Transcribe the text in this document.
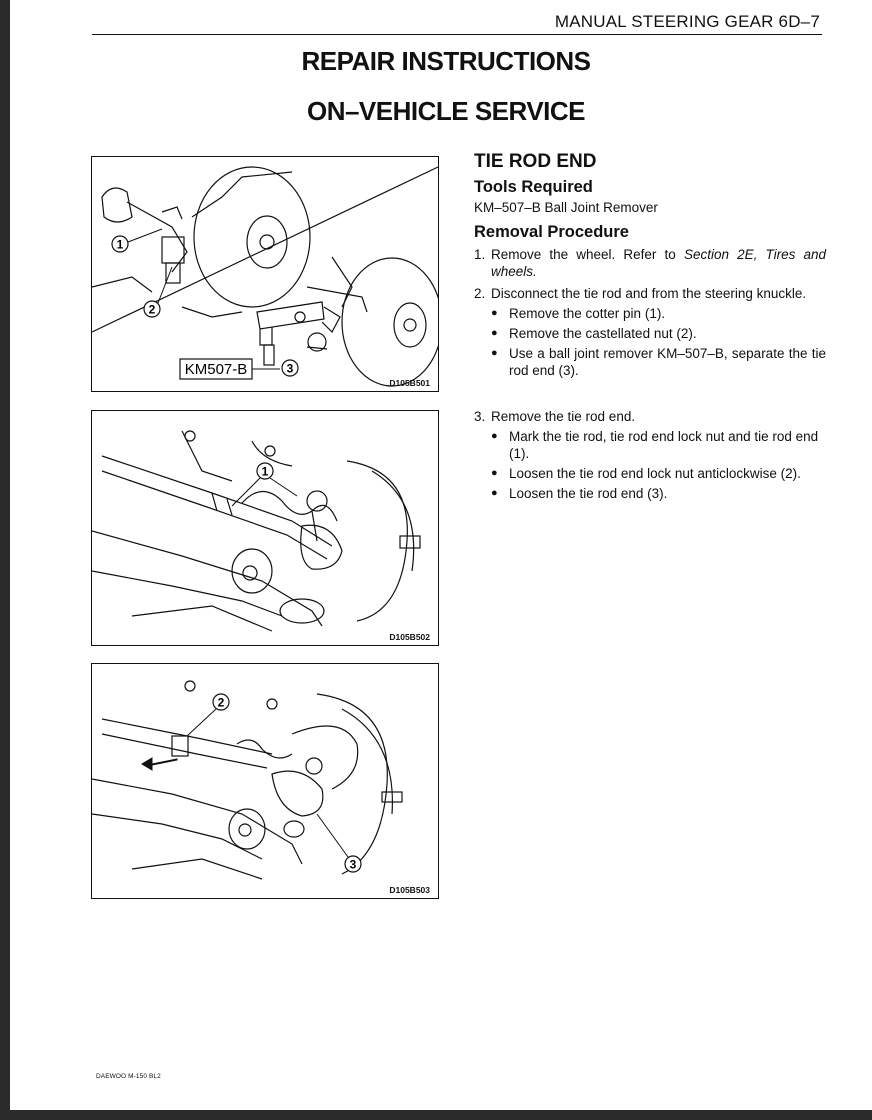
MANUAL STEERING GEAR 6D–7
REPAIR INSTRUCTIONS
ON–VEHICLE SERVICE
1
2
KM507-B	3
D105B501
1
D105B502
2
3
D105B503
TIE ROD END
Tools Required
KM–507–B Ball Joint Remover
Removal Procedure
1. Remove the wheel. Refer to Section 2E, Tires and wheels.
2. Disconnect the tie rod and from the steering knuckle.
● Remove the cotter pin (1).
● Remove the castellated nut (2).
● Use a ball joint remover KM–507–B, separate the tie rod end (3).
3. Remove the tie rod end.
● Mark the tie rod, tie rod end lock nut and tie rod end (1).
● Loosen the tie rod end lock nut anticlockwise (2).
● Loosen the tie rod end (3).
DAEWOO M-150 BL2
